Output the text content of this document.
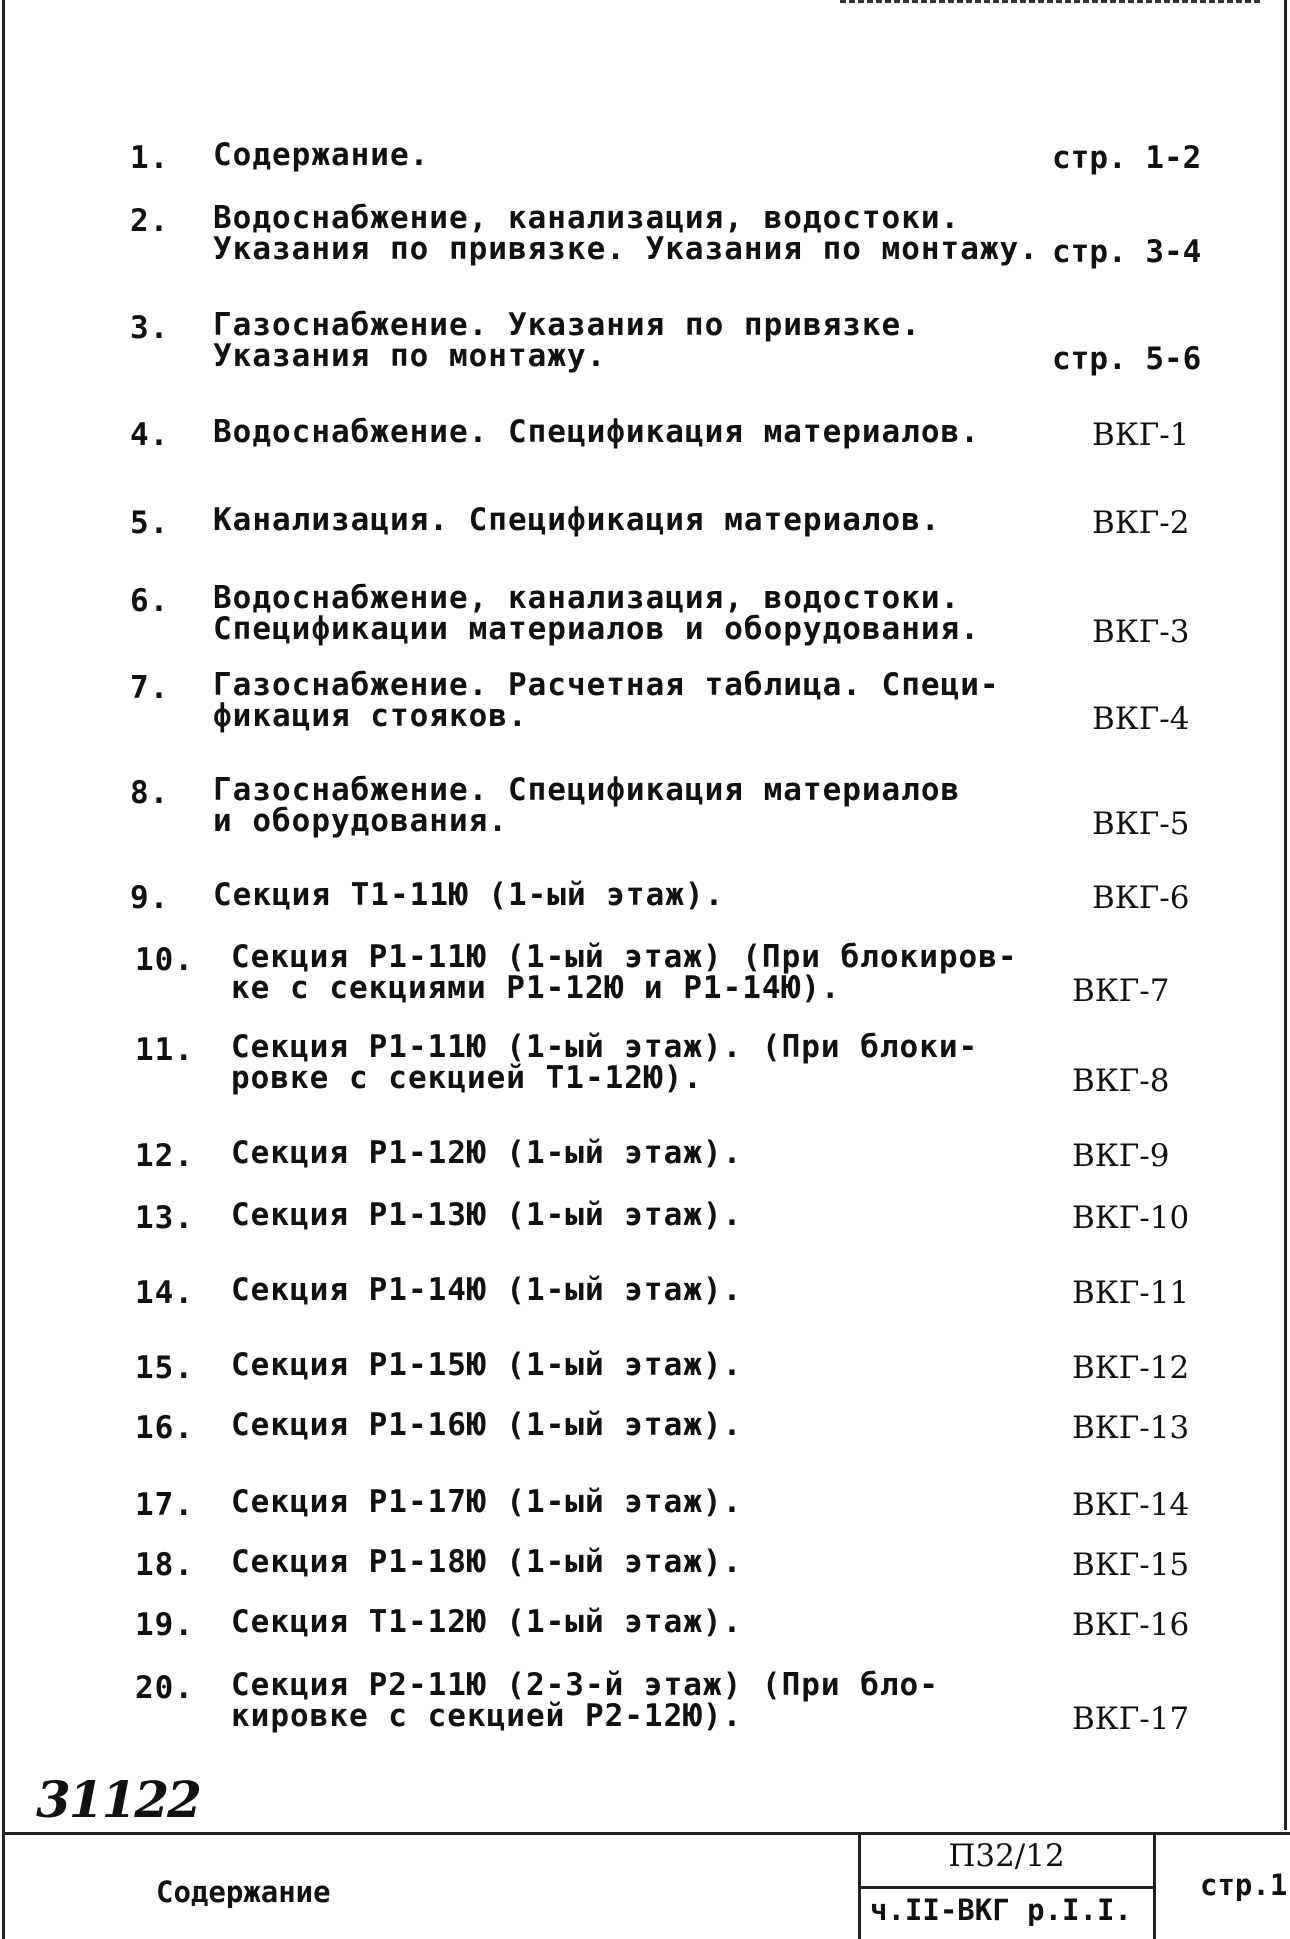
1.	Содержание.	стр. 1-2
2.	Водоснабжение, канализация, водостоки.
Указания по привязке. Указания по монтажу. стр. 3-4
3.	Газоснабжение. Указания по привязке.
Указания по монтажу.	стр. 5-6
4.	Водоснабжение. Спецификация материалов.	ВКГ-1
5.	Канализация. Спецификация материалов.	ВКГ-2
6.	Водоснабжение, канализация, водостоки.
Спецификации материалов и оборудования.	ВКГ-3
7.	Газоснабжение. Расчетная таблица. Специ-
фикация стояков.	ВКГ-4
8.	Газоснабжение. Спецификация материалов
и оборудования.	ВКГ-5
9.	Секция Т1-11Ю (1-ый этаж).	ВКГ-6
10.	Секция Р1-11Ю (1-ый этаж) (При блокиров-
ке с секциями Р1-12Ю и Р1-14Ю).	ВКГ-7
11.	Секция Р1-11Ю (1-ый этаж). (При блоки-
ровке с секцией Т1-12Ю).	ВКГ-8
12.	Секция Р1-12Ю (1-ый этаж).	ВКГ-9
13.	Секция Р1-13Ю (1-ый этаж).	ВКГ-10
14.	Секция Р1-14Ю (1-ый этаж).	ВКГ-11
15.	Секция Р1-15Ю (1-ый этаж).	ВКГ-12
16.	Секция Р1-16Ю (1-ый этаж).	ВКГ-13
17.	Секция Р1-17Ю (1-ый этаж).	ВКГ-14
18.	Секция Р1-18Ю (1-ый этаж).	ВКГ-15
19.	Секция Т1-12Ю (1-ый этаж).	ВКГ-16
20.	Секция Р2-11Ю (2-3-й этаж) (При бло-
кировке с секцией Р2-12Ю).	ВКГ-17
31122
Содержание
П32/12
ч.II-ВКГ р.I.I.
стр.1
